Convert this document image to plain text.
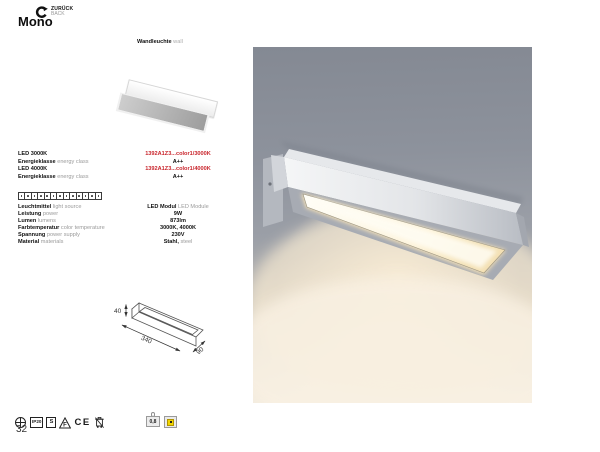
ZURÜCK
BACK
Mono
Wandleuchte wall
LED 3000K	1392A1Z3...color1/3000K
Energieklasse energy class	A++
LED 4000K	1392A1Z3...color1/4000K
Energieklasse energy class	A++
Leuchtmittel light source	LED Modul LED Module
Leistung power	9W
Lumen lumens	873lm
Farbtemperatur color temperature	3000K, 4000K
Spannung power supply	230V
Material materials	Stahl, steel
40
340
90
IP20	S
F CE	0,8
32
